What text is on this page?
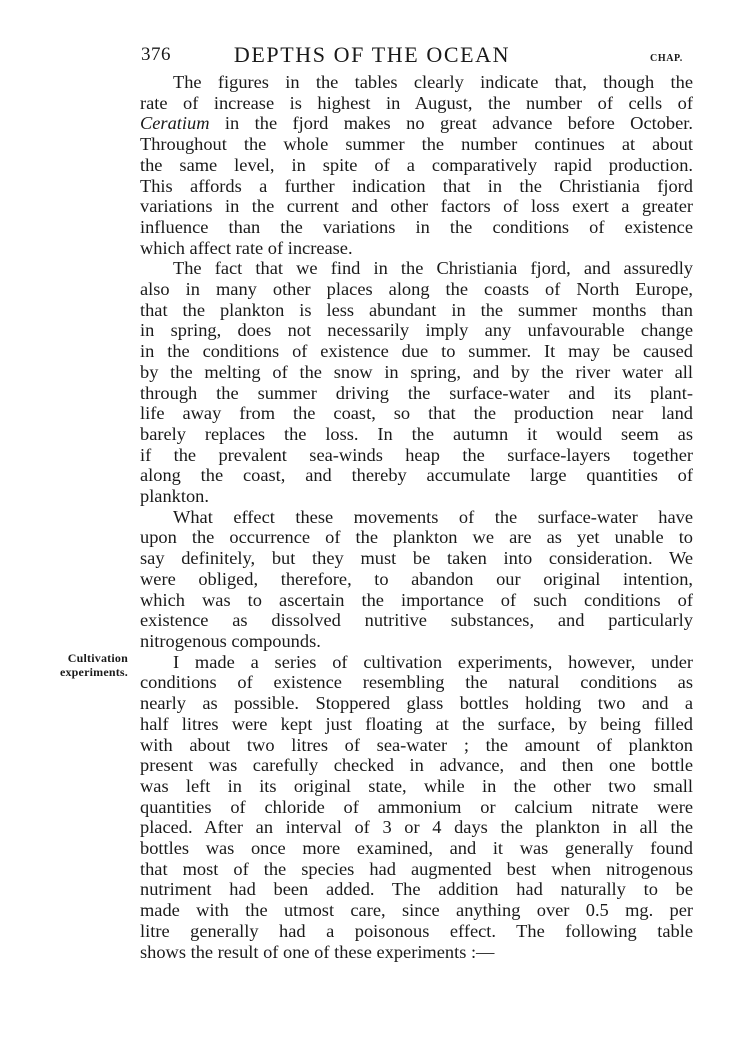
376	DEPTHS OF THE OCEAN	CHAP.
Cultivation
experiments.
The figures in the tables clearly indicate that, though the
rate of increase is highest in August, the number of cells of
Ceratium in the fjord makes no great advance before October.
Throughout the whole summer the number continues at about
the same level, in spite of a comparatively rapid production.
This affords a further indication that in the Christiania fjord
variations in the current and other factors of loss exert a greater
influence than the variations in the conditions of existence
which affect rate of increase.
The fact that we find in the Christiania fjord, and assuredly
also in many other places along the coasts of North Europe,
that the plankton is less abundant in the summer months than
in spring, does not necessarily imply any unfavourable change
in the conditions of existence due to summer. It may be caused
by the melting of the snow in spring, and by the river water all
through the summer driving the surface-water and its plant-
life away from the coast, so that the production near land
barely replaces the loss. In the autumn it would seem as
if the prevalent sea-winds heap the surface-layers together
along the coast, and thereby accumulate large quantities of
plankton.
What effect these movements of the surface-water have
upon the occurrence of the plankton we are as yet unable to
say definitely, but they must be taken into consideration. We
were obliged, therefore, to abandon our original intention,
which was to ascertain the importance of such conditions of
existence as dissolved nutritive substances, and particularly
nitrogenous compounds.
I made a series of cultivation experiments, however, under
conditions of existence resembling the natural conditions as
nearly as possible. Stoppered glass bottles holding two and a
half litres were kept just floating at the surface, by being filled
with about two litres of sea-water ; the amount of plankton
present was carefully checked in advance, and then one bottle
was left in its original state, while in the other two small
quantities of chloride of ammonium or calcium nitrate were
placed. After an interval of 3 or 4 days the plankton in all the
bottles was once more examined, and it was generally found
that most of the species had augmented best when nitrogenous
nutriment had been added. The addition had naturally to be
made with the utmost care, since anything over 0.5 mg. per
litre generally had a poisonous effect. The following table
shows the result of one of these experiments :—
